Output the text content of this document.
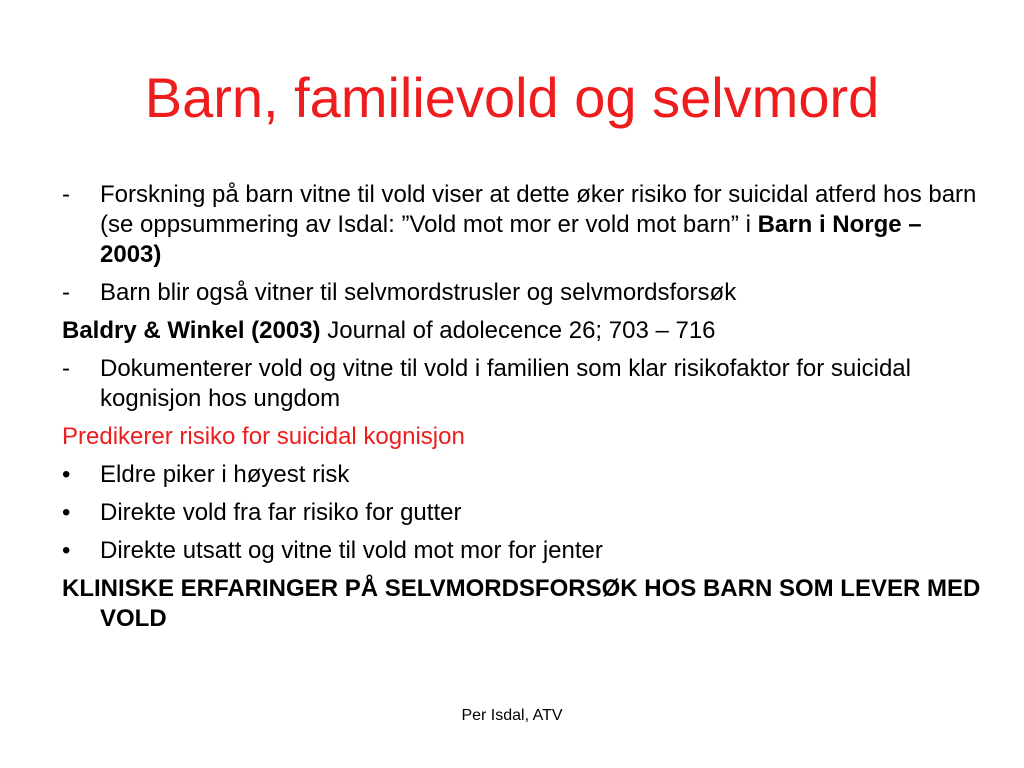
Barn, familievold og selvmord
-	Forskning på barn vitne til vold viser at dette øker risiko for suicidal atferd hos barn (se oppsummering av Isdal: ”Vold mot mor er vold mot barn” i Barn i Norge – 2003)
-	Barn blir også vitner til selvmordstrusler og selvmordsforsøk
Baldry & Winkel (2003) Journal of adolecence 26; 703 – 716
-	Dokumenterer vold og vitne til vold i familien som klar risikofaktor for suicidal kognisjon hos ungdom
Predikerer risiko for suicidal kognisjon
•	Eldre piker i høyest risk
•	Direkte vold fra far risiko for gutter
•	Direkte utsatt og vitne til vold mot mor for jenter
KLINISKE ERFARINGER PÅ SELVMORDSFORSØK HOS BARN SOM LEVER MED VOLD
Per Isdal, ATV
